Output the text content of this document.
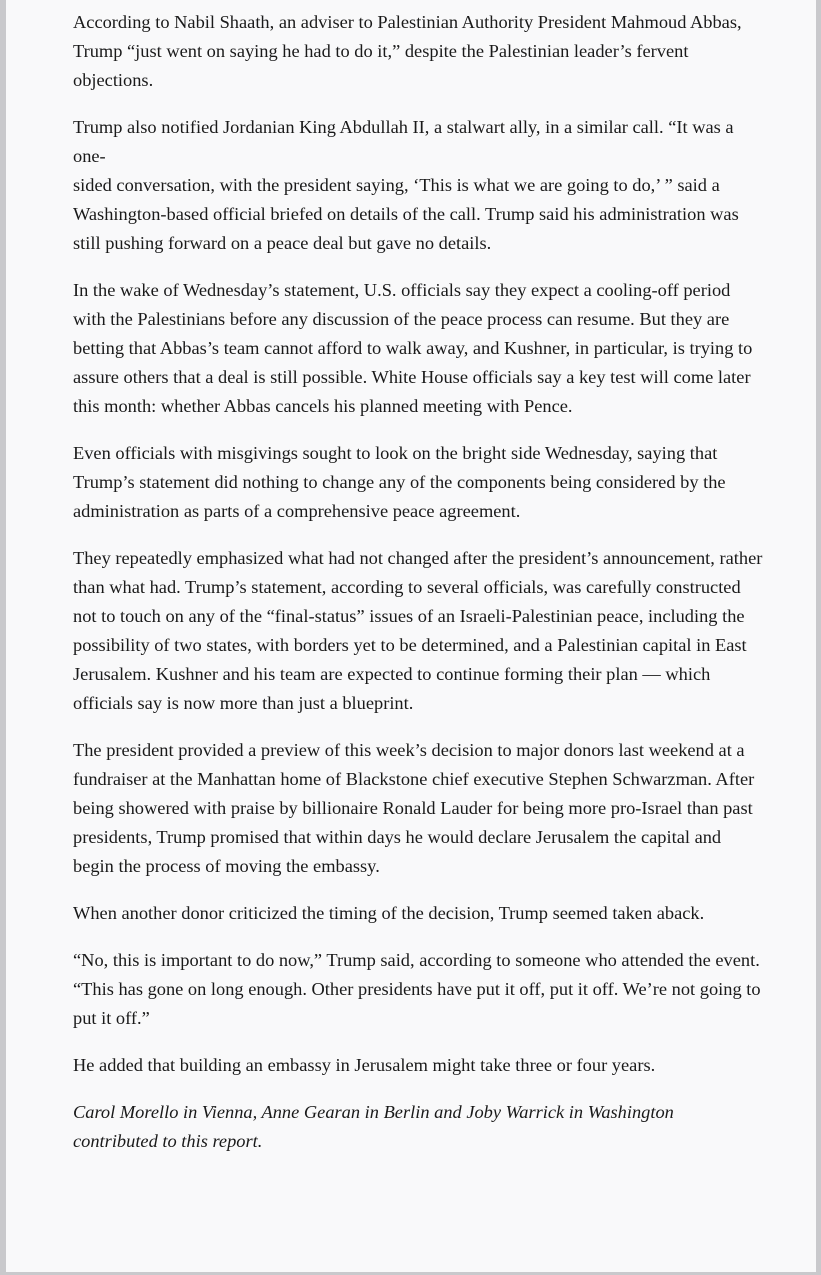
According to Nabil Shaath, an adviser to Palestinian Authority President Mahmoud Abbas, Trump “just went on saying he had to do it,” despite the Palestinian leader’s fervent objections.

Trump also notified Jordanian King Abdullah II, a stalwart ally, in a similar call. “It was a one-

sided conversation, with the president saying, ‘This is what we are going to do,’ ” said a Washington-based official briefed on details of the call. Trump said his administration was still pushing forward on a peace deal but gave no details.

In the wake of Wednesday’s statement, U.S. officials say they expect a cooling-off period with the Palestinians before any discussion of the peace process can resume. But they are betting that Abbas’s team cannot afford to walk away, and Kushner, in particular, is trying to assure others that a deal is still possible. White House officials say a key test will come later this month: whether Abbas cancels his planned meeting with Pence.

Even officials with misgivings sought to look on the bright side Wednesday, saying that Trump’s statement did nothing to change any of the components being considered by the administration as parts of a comprehensive peace agreement.

They repeatedly emphasized what had not changed after the president’s announcement, rather than what had. Trump’s statement, according to several officials, was carefully constructed not to touch on any of the “final-status” issues of an Israeli-Palestinian peace, including the possibility of two states, with borders yet to be determined, and a Palestinian capital in East Jerusalem. Kushner and his team are expected to continue forming their plan — which officials say is now more than just a blueprint.

The president provided a preview of this week’s decision to major donors last weekend at a fundraiser at the Manhattan home of Blackstone chief executive Stephen Schwarzman. After being showered with praise by billionaire Ronald Lauder for being more pro-Israel than past presidents, Trump promised that within days he would declare Jerusalem the capital and begin the process of moving the embassy.

When another donor criticized the timing of the decision, Trump seemed taken aback.

“No, this is important to do now,” Trump said, according to someone who attended the event. “This has gone on long enough. Other presidents have put it off, put it off. We’re not going to put it off.”

He added that building an embassy in Jerusalem might take three or four years.

Carol Morello in Vienna, Anne Gearan in Berlin and Joby Warrick in Washington contributed to this report.
